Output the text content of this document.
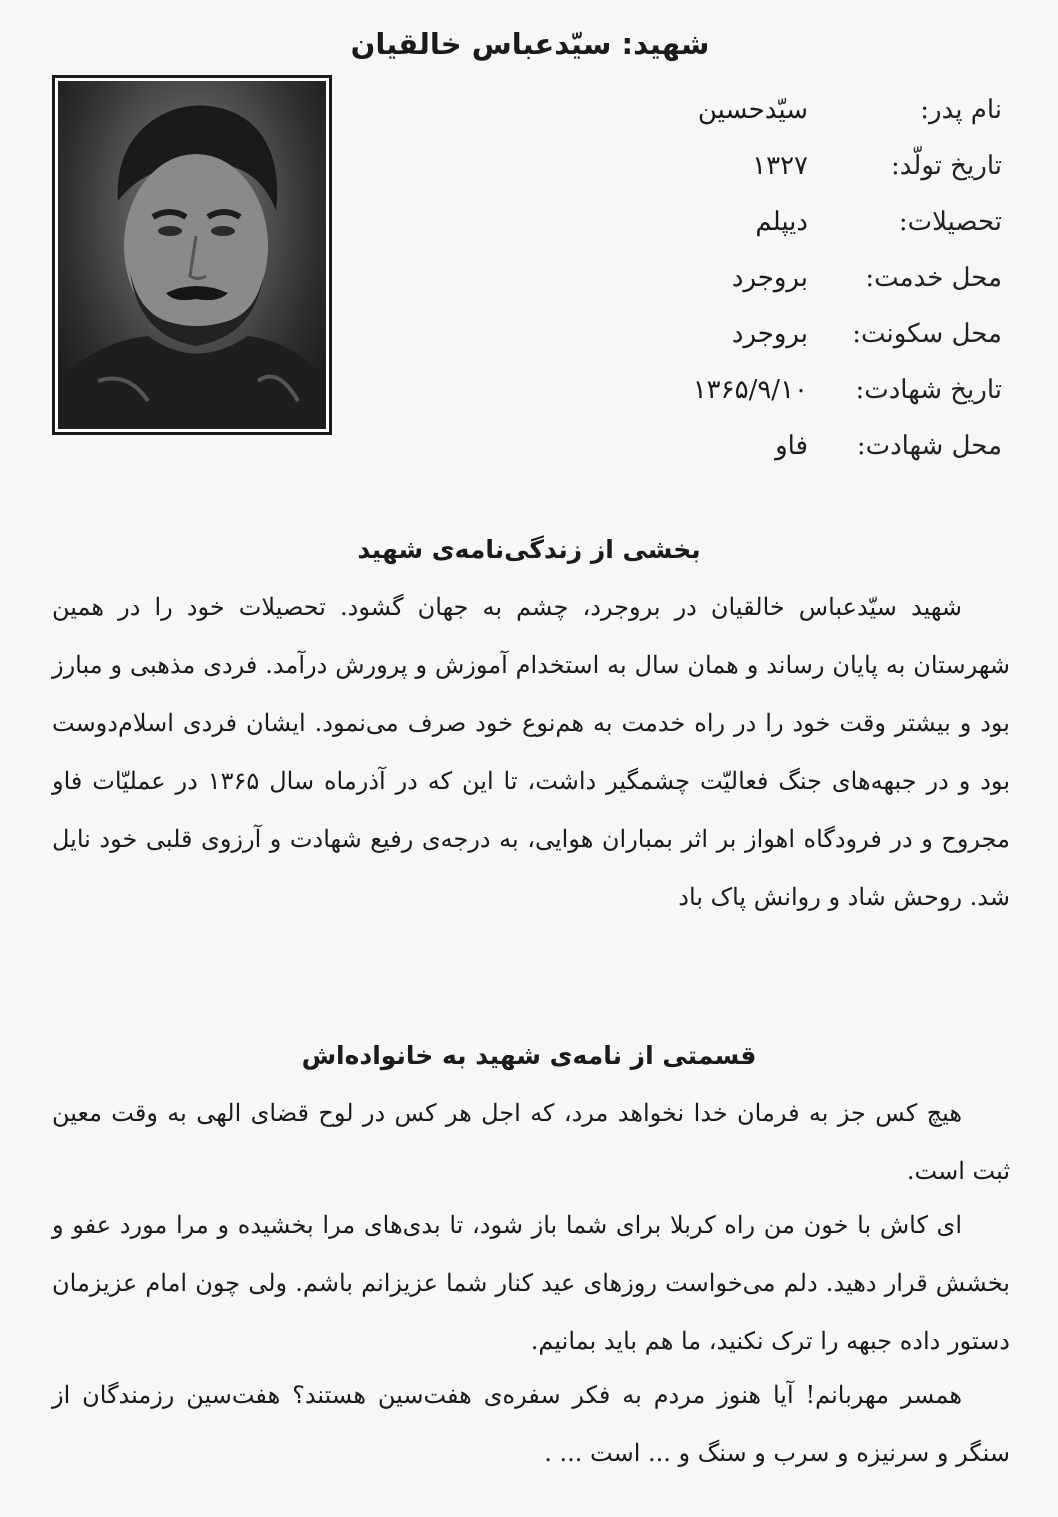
شهید: سیّدعباس خالقیان
نام پدر:
سیّدحسین
تاریخ تولّد:
۱۳۲۷
تحصیلات:
دیپلم
محل خدمت:
بروجرد
محل سکونت:
بروجرد
تاریخ شهادت:
۱۳۶۵/۹/۱۰
محل شهادت:
فاو
بخشی از زندگی‌نامه‌ی شهید

شهید سیّدعباس خالقیان در بروجرد، چشم به جهان گشود. تحصیلات خود را در همین شهرستان به پایان رساند و همان سال به استخدام آموزش و پرورش درآمد. فردی مذهبی و مبارز بود و بیشتر وقت خود را در راه خدمت به هم‌نوع خود صرف می‌نمود. ایشان فردی اسلام‌دوست بود و در جبهه‌های جنگ فعالیّت چشمگیر داشت، تا این که در آذرماه سال ۱۳۶۵ در عملیّات فاو مجروح و در فرودگاه اهواز بر اثر بمباران هوایی، به درجه‌ی رفیع شهادت و آرزوی قلبی خود نایل شد. روحش شاد و روانش پاک باد

قسمتی از نامه‌ی شهید به خانواده‌اش

هیچ کس جز به فرمان خدا نخواهد مرد، که اجل هر کس در لوح قضای الهی به وقت معین ثبت است.

ای کاش با خون من راه کربلا برای شما باز شود، تا بدی‌های مرا بخشیده و مرا مورد عفو و بخشش قرار دهید. دلم می‌خواست روزهای عید کنار شما عزیزانم باشم. ولی چون امام عزیزمان دستور داده جبهه را ترک نکنید، ما هم باید بمانیم.

همسر مهربانم! آیا هنوز مردم به فکر سفره‌ی هفت‌سین هستند؟ هفت‌سین رزمندگان از سنگر و سرنیزه و سرب و سنگ و ... است ... .
